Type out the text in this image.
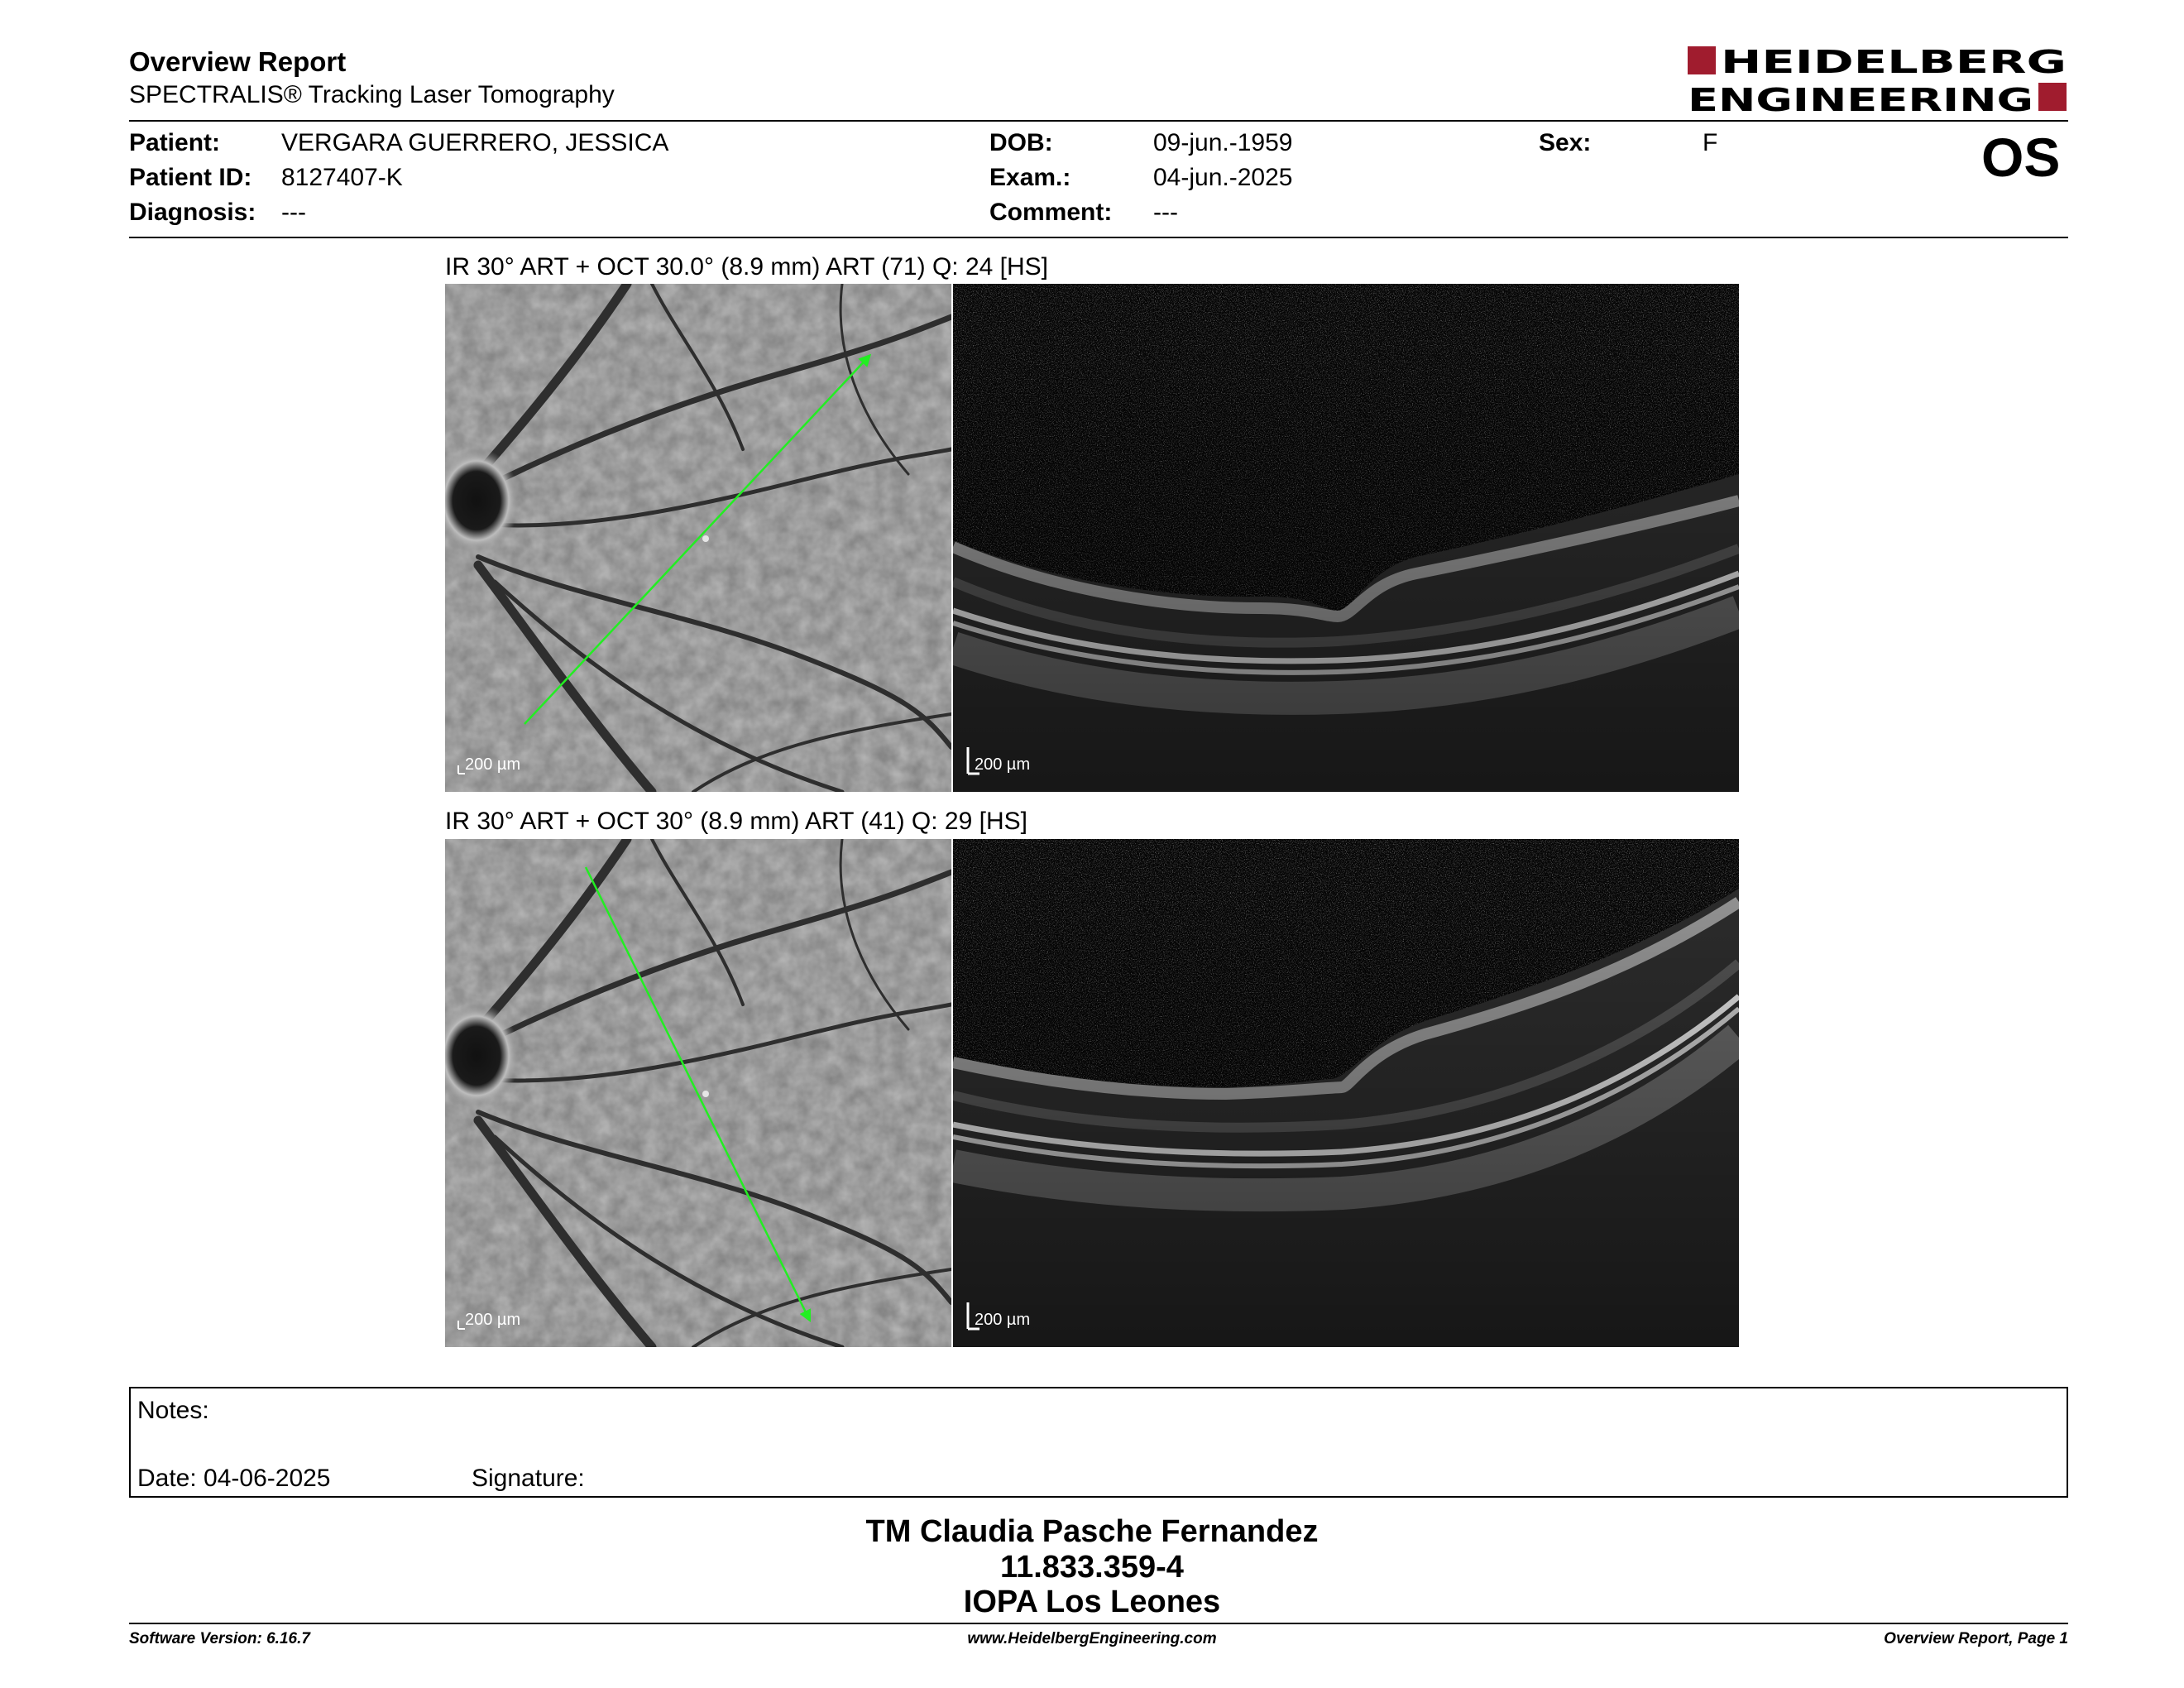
Overview Report
SPECTRALIS® Tracking Laser Tomography
HEIDELBERG
ENGINEERING
Patient: VERGARA GUERRERO, JESSICA
Patient ID: 8127407-K
Diagnosis: ---
DOB:	09-jun.-1959
Exam.:	04-jun.-2025
Comment: ---
Sex:	F	OS
IR 30° ART + OCT 30.0° (8.9 mm) ART (71) Q: 24 [HS]
200 µm	200 µm
IR 30° ART + OCT 30° (8.9 mm) ART (41) Q: 29 [HS]
200 µm	200 µm
Notes:
Date: 04-06-2025	Signature:
TM Claudia Pasche Fernandez
11.833.359-4
IOPA Los Leones
Software Version: 6.16.7	www.HeidelbergEngineering.com	Overview Report, Page 1
